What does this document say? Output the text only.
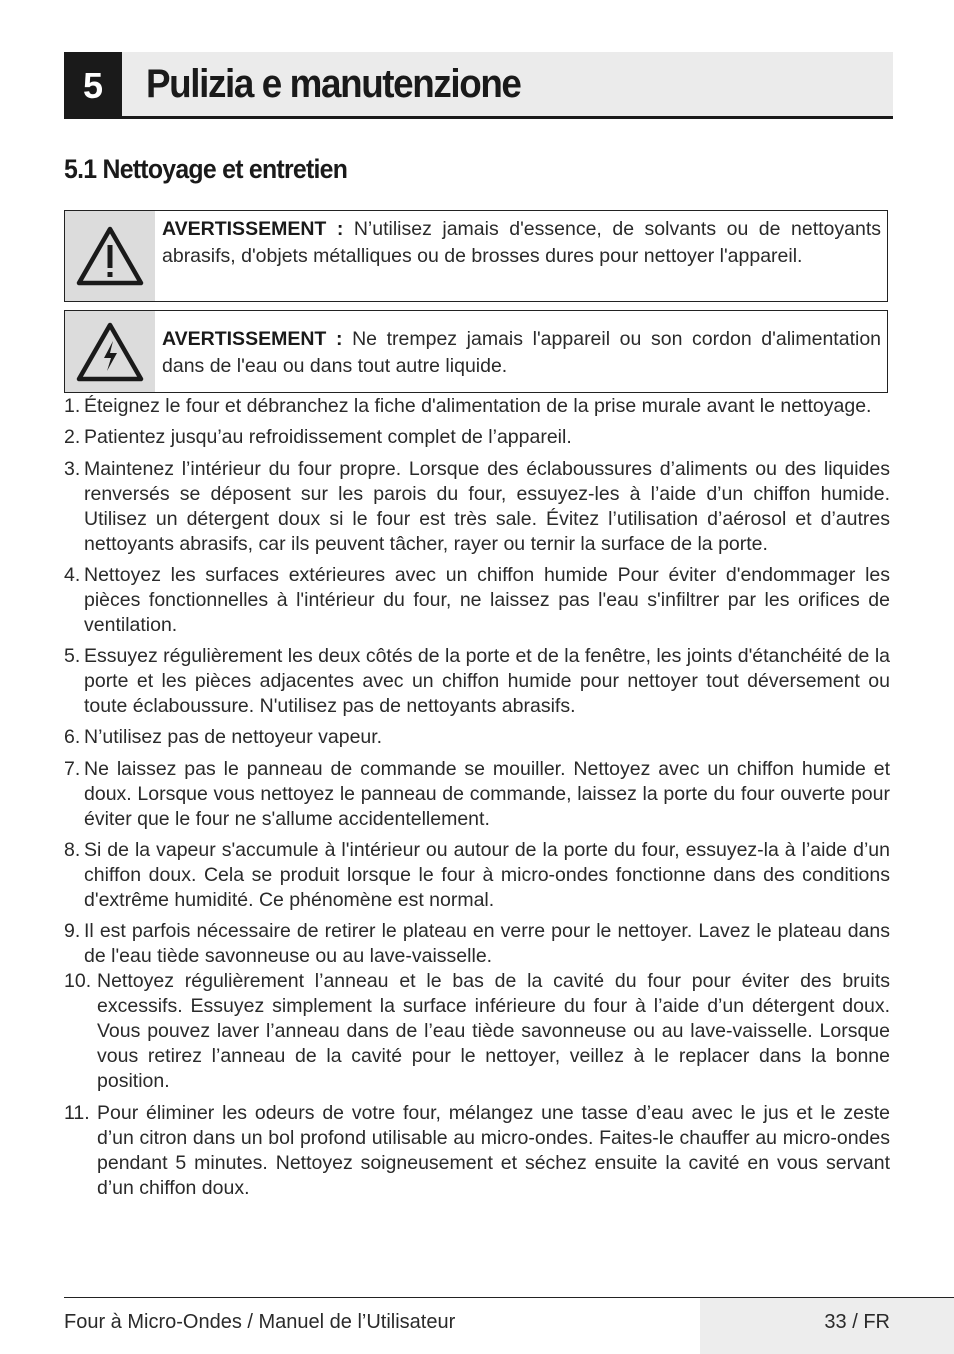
5	Pulizia e manutenzione
5.1 Nettoyage et entretien
AVERTISSEMENT : N’utilisez jamais d'essence, de solvants ou de nettoyants abrasifs, d'objets métalliques ou de brosses dures pour nettoyer l'appareil.
AVERTISSEMENT : Ne trempez jamais l'appareil ou son cordon d'alimentation dans de l'eau ou dans tout autre liquide.
1. Éteignez le four et débranchez la fiche d'alimentation de la prise murale avant le nettoyage.
2. Patientez jusqu’au refroidissement complet de l’appareil.
3. Maintenez l’intérieur du four propre. Lorsque des éclaboussures d’aliments ou des liquides renversés se déposent sur les parois du four, essuyez-les à l’aide d’un chiffon humide. Utilisez un détergent doux si le four est très sale. Évitez l’utilisation d’aérosol et d’autres nettoyants abrasifs, car ils peuvent tâcher, rayer ou ternir la surface de la porte.
4. Nettoyez les surfaces extérieures avec un chiffon humide Pour éviter d'endommager les pièces fonctionnelles à l'intérieur du four, ne laissez pas l'eau s'infiltrer par les orifices de ventilation.
5. Essuyez régulièrement les deux côtés de la porte et de la fenêtre, les joints d'étanchéité de la porte et les pièces adjacentes avec un chiffon humide pour nettoyer tout déversement ou toute éclaboussure. N'utilisez pas de nettoyants abrasifs.
6. N’utilisez pas de nettoyeur vapeur.
7. Ne laissez pas le panneau de commande se mouiller. Nettoyez avec un chiffon humide et doux. Lorsque vous nettoyez le panneau de commande, laissez la porte du four ouverte pour éviter que le four ne s'allume accidentellement.
8. Si de la vapeur s'accumule à l'intérieur ou autour de la porte du four, essuyez-la à l’aide d’un chiffon doux. Cela se produit lorsque le four à micro-ondes fonctionne dans des conditions d'extrême humidité. Ce phénomène est normal.
9. Il est parfois nécessaire de retirer le plateau en verre pour le nettoyer. Lavez le plateau dans de l'eau tiède savonneuse ou au lave-vaisselle.
10. Nettoyez régulièrement l’anneau et le bas de la cavité du four pour éviter des bruits excessifs. Essuyez simplement la surface inférieure du four à l’aide d’un détergent doux. Vous pouvez laver l’anneau dans de l’eau tiède savonneuse ou au lave-vaisselle. Lorsque vous retirez l’anneau de la cavité pour le nettoyer, veillez à le replacer dans la bonne position.
11. Pour éliminer les odeurs de votre four, mélangez une tasse d’eau avec le jus et le zeste d’un citron dans un bol profond utilisable au micro-ondes. Faites-le chauffer au micro-ondes pendant 5 minutes. Nettoyez soigneusement et séchez ensuite la cavité en vous servant d’un chiffon doux.
Four à Micro-Ondes / Manuel de l’Utilisateur	33 / FR
